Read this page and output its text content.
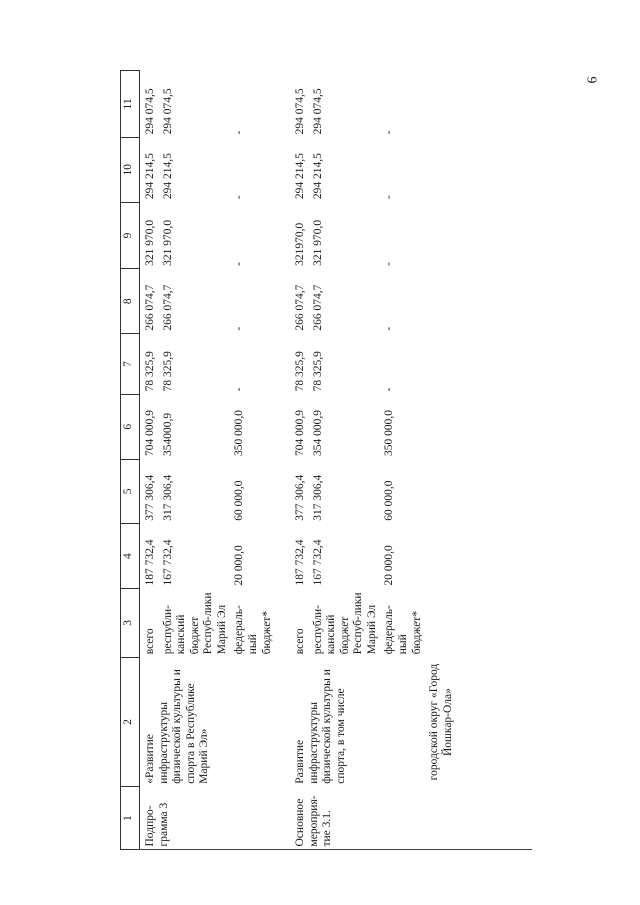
6
1	2	3	4	5	6	7	8	9	10	11
Подпро-грамма 3	«Развитие инфраструктуры физической культуры и спорта в Республике Марий Эл»	всего	187 732,4	377 306,4	704 000,9	78 325,9	266 074,7	321 970,0	294 214,5	294 074,5
		республи-канский бюджет Респуб-лики Марий Эл	167 732,4	317 306,4	354000,9	78 325,9	266 074,7	321 970,0	294 214,5	294 074,5
		федераль-ный бюджет*	20 000,0	60 000,0	350 000,0	-	-	-	-	-

Основное мероприя-тие 3.1.	Развитие инфраструктуры физической культуры и спорта, в том числе	всего	187 732,4	377 306,4	704 000,9	78 325,9	266 074,7	321970,0	294 214,5	294 074,5
		республи-канский бюджет Респуб-лики Марий Эл	167 732,4	317 306,4	354 000,9	78 325,9	266 074,7	321 970,0	294 214,5	294 074,5
		федераль-ный бюджет*	20 000,0	60 000,0	350 000,0	-	-	-	-	-
	городской округ «Город Йошкар-Ола»									
